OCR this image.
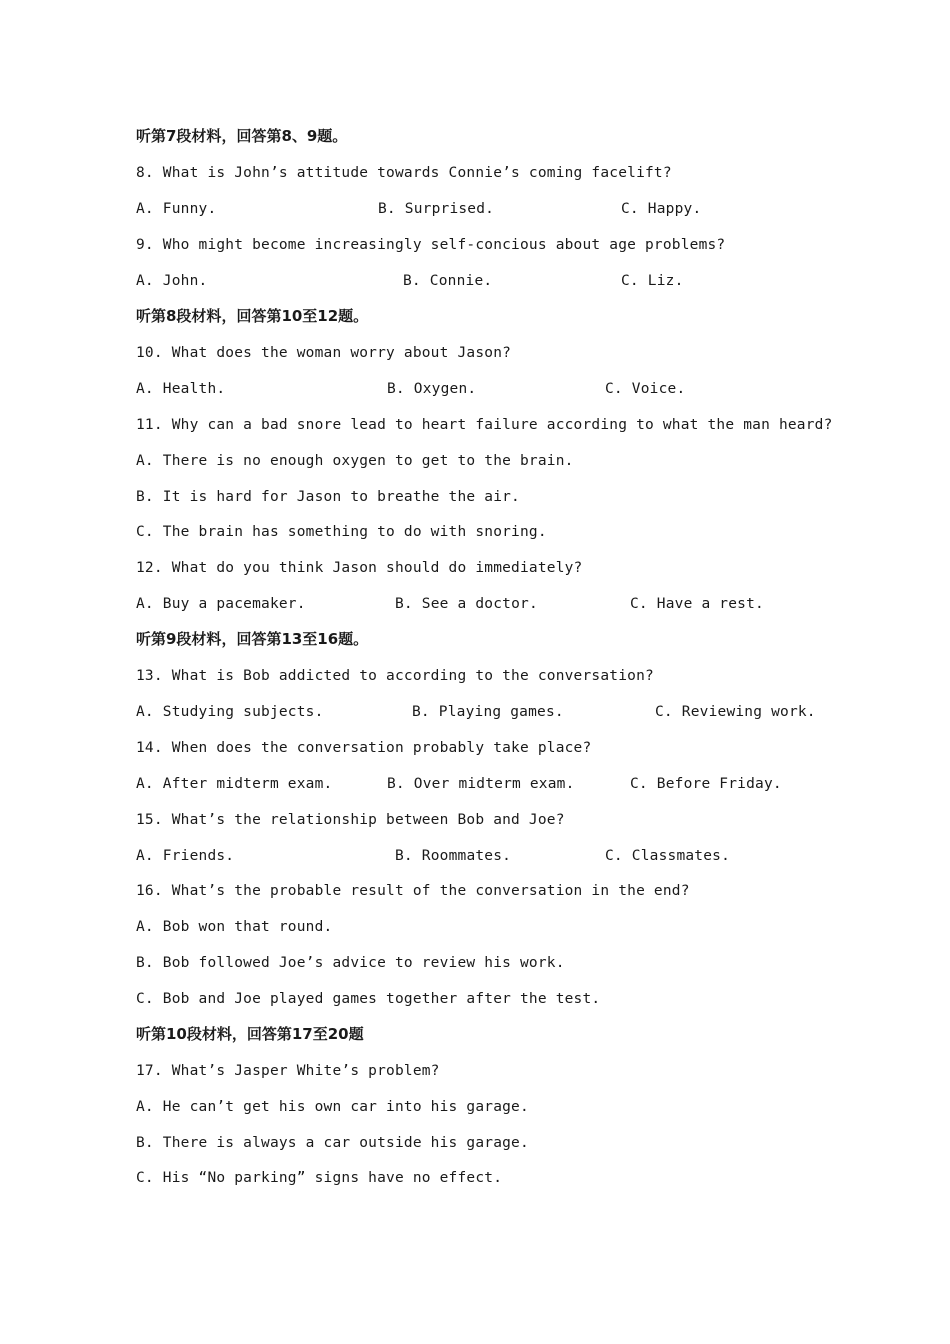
听第7段材料，回答第8、9题。
8. What is John’s attitude towards Connie’s coming facelift?
A. Funny.	B. Surprised.	C. Happy.
9. Who might become increasingly self-concious about age problems?
A. John.	B. Connie.	C. Liz.
听第8段材料，回答第10至12题。
10. What does the woman worry about Jason?
A. Health.	B. Oxygen.	C. Voice.
11. Why can a bad snore lead to heart failure according to what the man heard?
A. There is no enough oxygen to get to the brain.
B. It is hard for Jason to breathe the air.
C. The brain has something to do with snoring.
12. What do you think Jason should do immediately?
A. Buy a pacemaker.	B. See a doctor.	C. Have a rest.
听第9段材料，回答第13至16题。
13. What is Bob addicted to according to the conversation?
A. Studying subjects.	B. Playing games.	C. Reviewing work.
14. When does the conversation probably take place?
A. After midterm exam.	B. Over midterm exam.	C. Before Friday.
15. What’s the relationship between Bob and Joe?
A. Friends.	B. Roommates.	C. Classmates.
16. What’s the probable result of the conversation in the end?
A. Bob won that round.
B. Bob followed Joe’s advice to review his work.
C. Bob and Joe played games together after the test.
听第10段材料，回答第17至20题
17. What’s Jasper White’s problem?
A. He can’t get his own car into his garage.
B. There is always a car outside his garage.
C. His “No parking” signs have no effect.
